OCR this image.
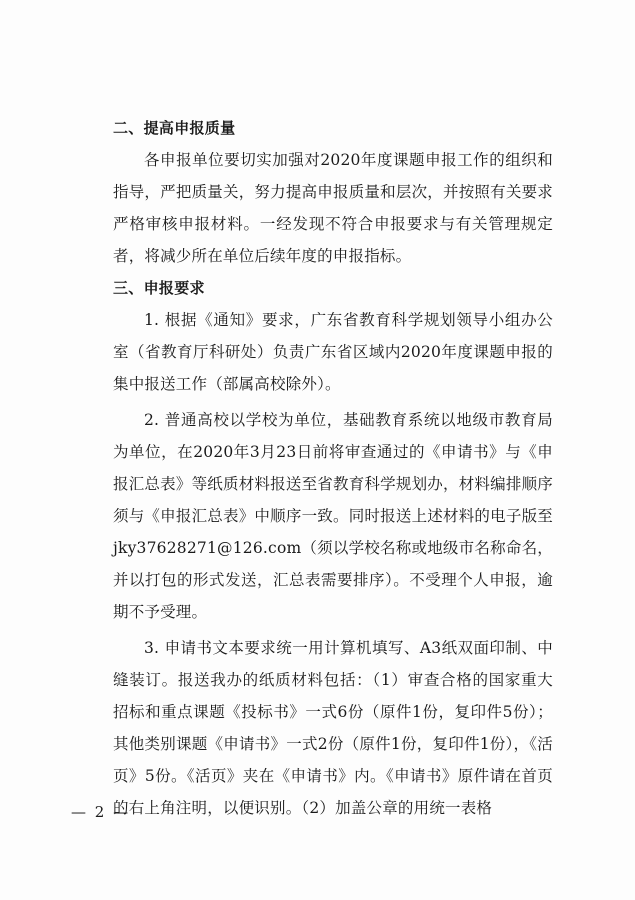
二、提高申报质量

各申报单位要切实加强对2020年度课题申报工作的组织和指导，严把质量关，努力提高申报质量和层次，并按照有关要求严格审核申报材料。一经发现不符合申报要求与有关管理规定者，将减少所在单位后续年度的申报指标。

三、申报要求

1. 根据《通知》要求，广东省教育科学规划领导小组办公室（省教育厅科研处）负责广东省区域内2020年度课题申报的集中报送工作（部属高校除外）。

2. 普通高校以学校为单位，基础教育系统以地级市教育局为单位，在2020年3月23日前将审查通过的《申请书》与《申报汇总表》等纸质材料报送至省教育科学规划办，材料编排顺序须与《申报汇总表》中顺序一致。同时报送上述材料的电子版至jky37628271@126.com（须以学校名称或地级市名称命名，并以打包的形式发送，汇总表需要排序）。不受理个人申报，逾期不予受理。

3. 申请书文本要求统一用计算机填写、A3纸双面印制、中缝装订。报送我办的纸质材料包括：（1）审查合格的国家重大招标和重点课题《投标书》一式6份（原件1份，复印件5份）；其他类别课题《申请书》一式2份（原件1份，复印件1份），《活页》5份。《活页》夹在《申请书》内。《申请书》原件请在首页的右上角注明，以便识别。（2）加盖公章的用统一表格

— 2 —
